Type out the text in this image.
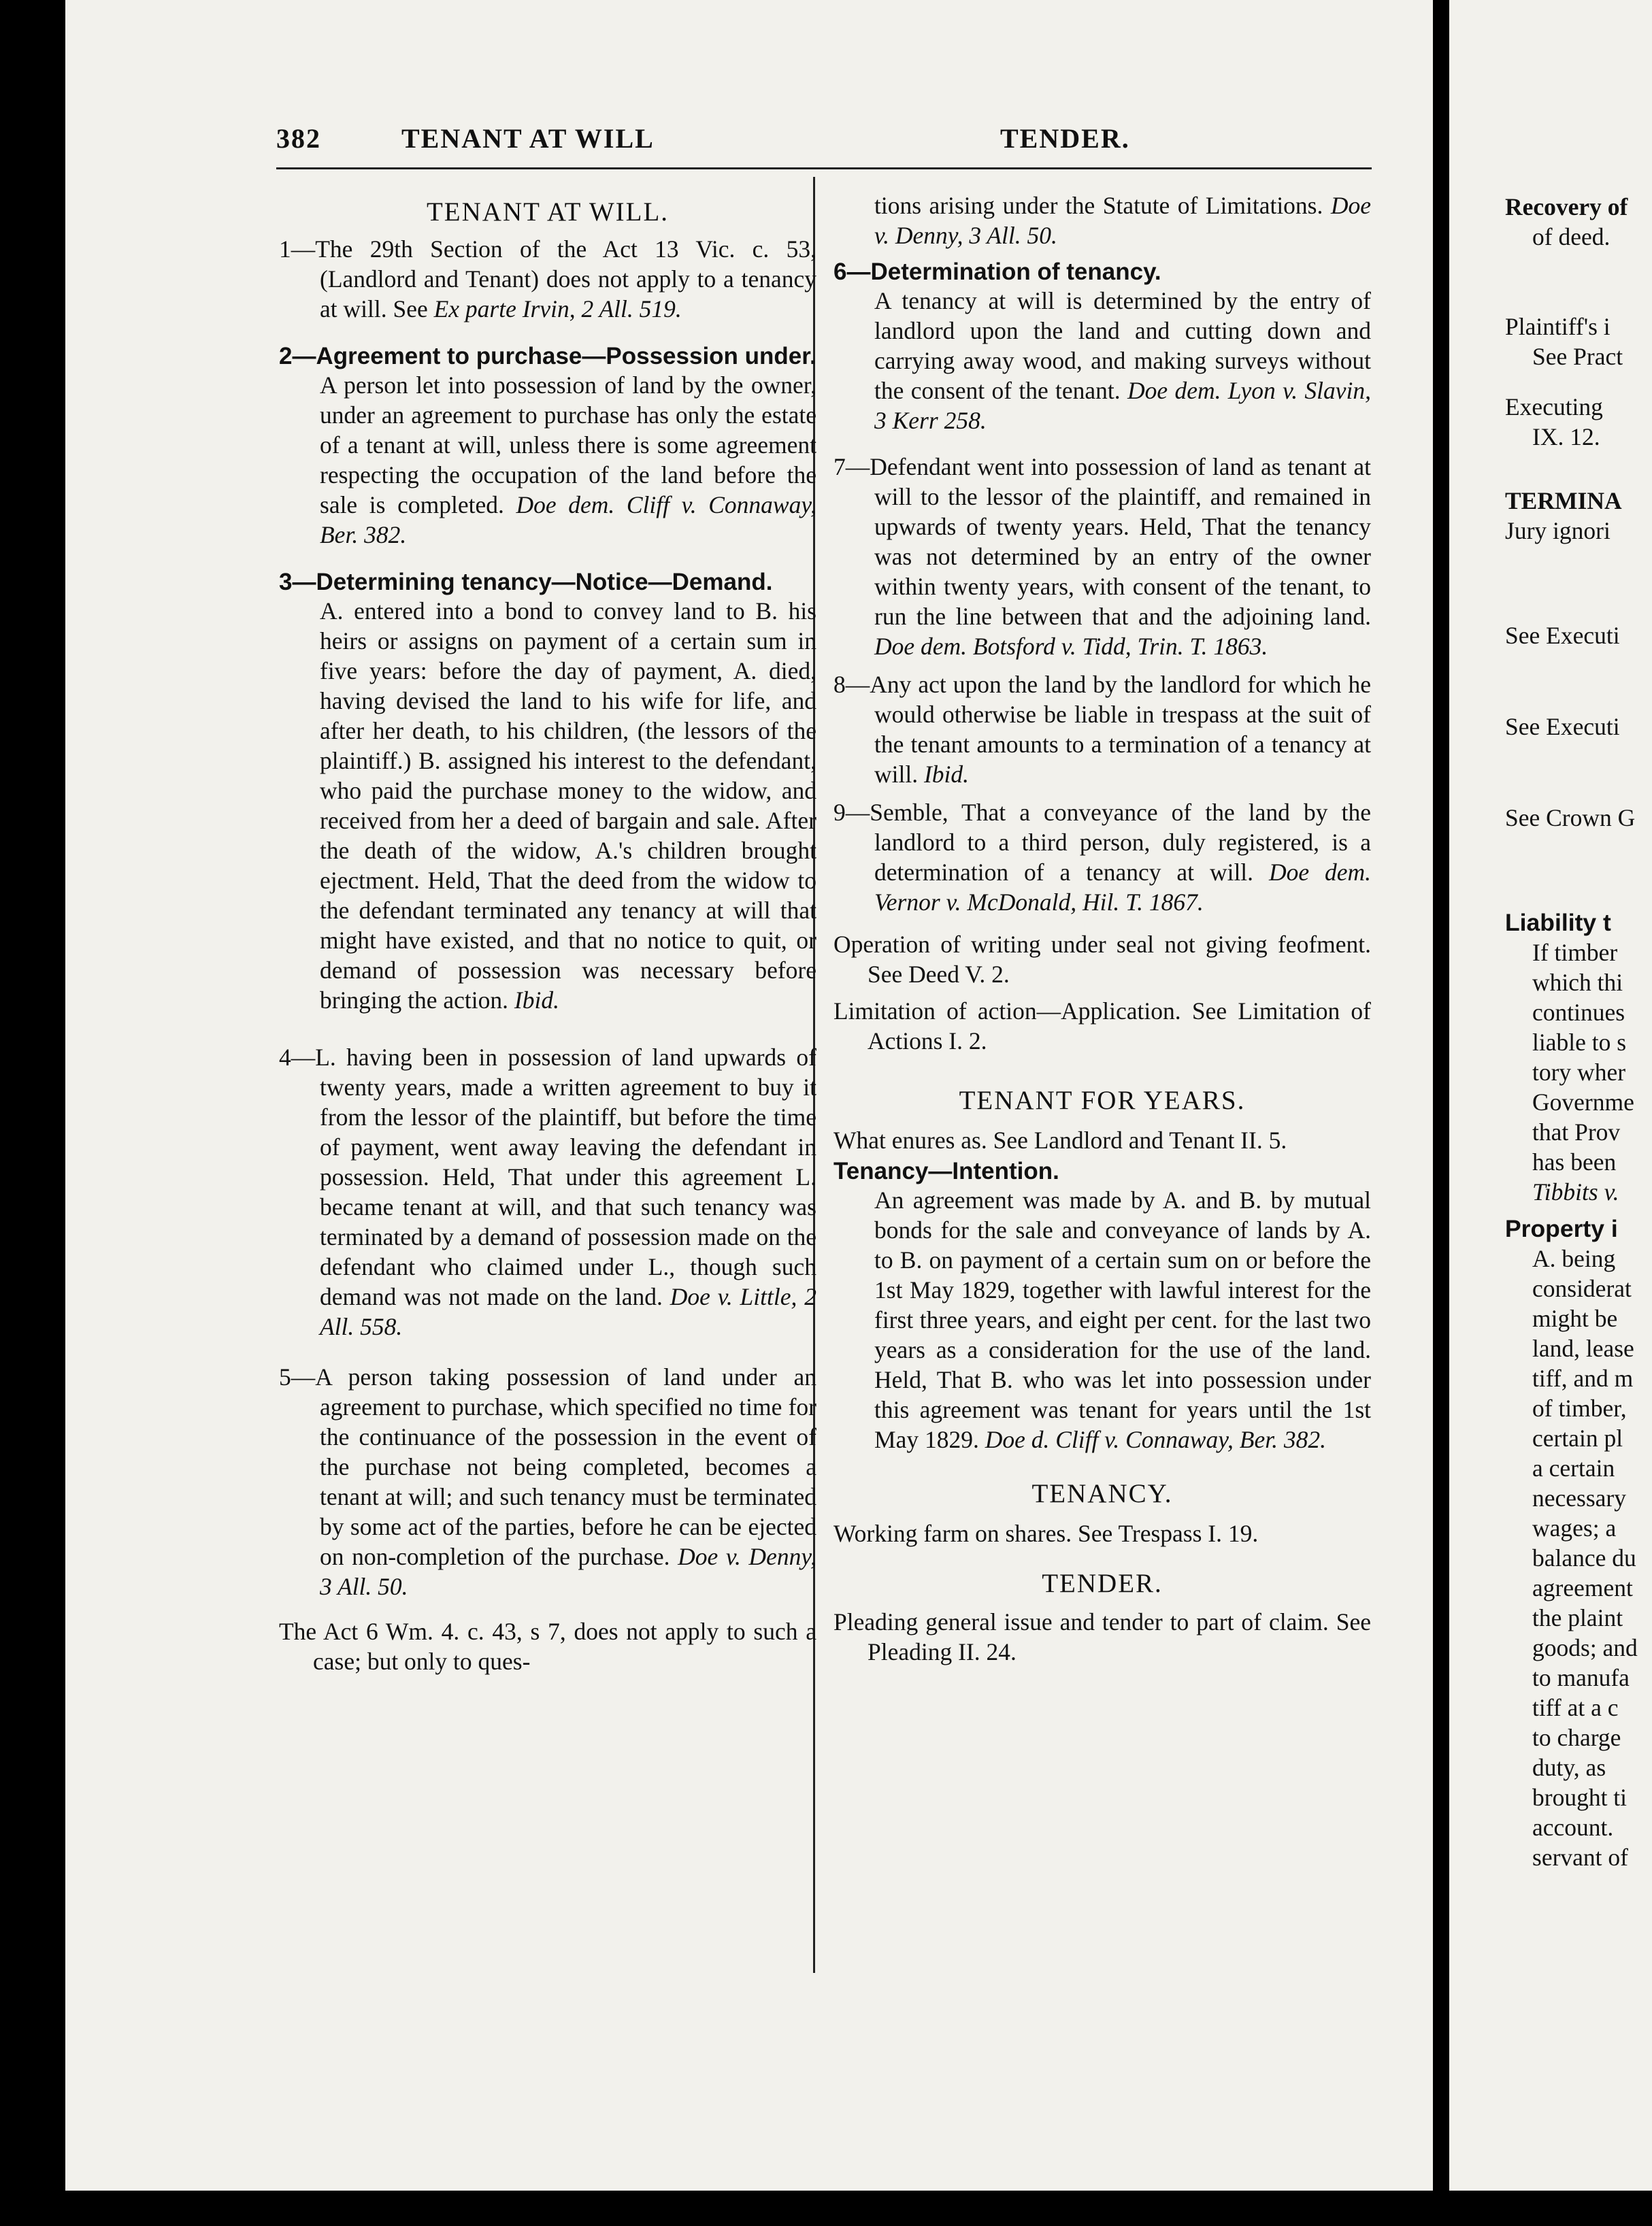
382	TENANT AT WILL	TENDER.

TENANT AT WILL.

1—The 29th Section of the Act 13 Vic. c. 53, (Landlord and Tenant) does not apply to a tenancy at will. See Ex parte Irvin, 2 All. 519.

2—Agreement to purchase—Possession under.

A person let into possession of land by the owner, under an agreement to purchase has only the estate of a tenant at will, unless there is some agreement respecting the occupation of the land before the sale is completed. Doe dem. Cliff v. Connaway, Ber. 382.

3—Determining tenancy—Notice—Demand.

A. entered into a bond to convey land to B. his heirs or assigns on payment of a certain sum in five years: before the day of payment, A. died, having devised the land to his wife for life, and after her death, to his children, (the lessors of the plaintiff.) B. assigned his interest to the defendant, who paid the purchase money to the widow, and received from her a deed of bargain and sale. After the death of the widow, A.'s children brought ejectment. Held, That the deed from the widow to the defendant terminated any tenancy at will that might have existed, and that no notice to quit, or demand of possession was necessary before bringing the action. Ibid.

4—L. having been in possession of land upwards of twenty years, made a written agreement to buy it from the lessor of the plaintiff, but before the time of payment, went away leaving the defendant in possession. Held, That under this agreement L. became tenant at will, and that such tenancy was terminated by a demand of possession made on the defendant who claimed under L., though such demand was not made on the land. Doe v. Little, 2 All. 558.

5—A person taking possession of land under an agreement to purchase, which specified no time for the continuance of the possession in the event of the purchase not being completed, becomes a tenant at will; and such tenancy must be terminated by some act of the parties, before he can be ejected on non-completion of the purchase. Doe v. Denny, 3 All. 50.

The Act 6 Wm. 4. c. 43, s 7, does not apply to such a case; but only to ques-

tions arising under the Statute of Limitations. Doe v. Denny, 3 All. 50.

6—Determination of tenancy.

A tenancy at will is determined by the entry of landlord upon the land and cutting down and carrying away wood, and making surveys without the consent of the tenant. Doe dem. Lyon v. Slavin, 3 Kerr 258.

7—Defendant went into possession of land as tenant at will to the lessor of the plaintiff, and remained in upwards of twenty years. Held, That the tenancy was not determined by an entry of the owner within twenty years, with consent of the tenant, to run the line between that and the adjoining land. Doe dem. Botsford v. Tidd, Trin. T. 1863.

8—Any act upon the land by the landlord for which he would otherwise be liable in trespass at the suit of the tenant amounts to a termination of a tenancy at will. Ibid.

9—Semble, That a conveyance of the land by the landlord to a third person, duly registered, is a determination of a tenancy at will. Doe dem. Vernor v. McDonald, Hil. T. 1867.

Operation of writing under seal not giving feofment. See Deed V. 2.

Limitation of action—Application. See Limitation of Actions I. 2.

TENANT FOR YEARS.

What enures as. See Landlord and Tenant II. 5.

Tenancy—Intention.

An agreement was made by A. and B. by mutual bonds for the sale and conveyance of lands by A. to B. on payment of a certain sum on or before the 1st May 1829, together with lawful interest for the first three years, and eight per cent. for the last two years as a consideration for the use of the land. Held, That B. who was let into possession under this agreement was tenant for years until the 1st May 1829. Doe d. Cliff v. Connaway, Ber. 382.

TENANCY.

Working farm on shares. See Trespass I. 19.

TENDER.

Pleading general issue and tender to part of claim. See Pleading II. 24.

Recovery of
of deed.
Plaintiff's i
See Pract
Executing
IX. 12.
TERMINA
Jury ignori
See Executi
See Executi
See Crown G
Liability t
If timber
which thi
continues
liable to s
tory wher
Governme
that Prov
has been
Tibbits v.
Property i
A. being
considerat
might be
land, lease
tiff, and m
of timber,
certain pl
a certain
necessary
wages; a
balance du
agreement
the plaint
goods; and
to manufa
tiff at a c
to charge
duty, as
brought ti
account.
servant of
